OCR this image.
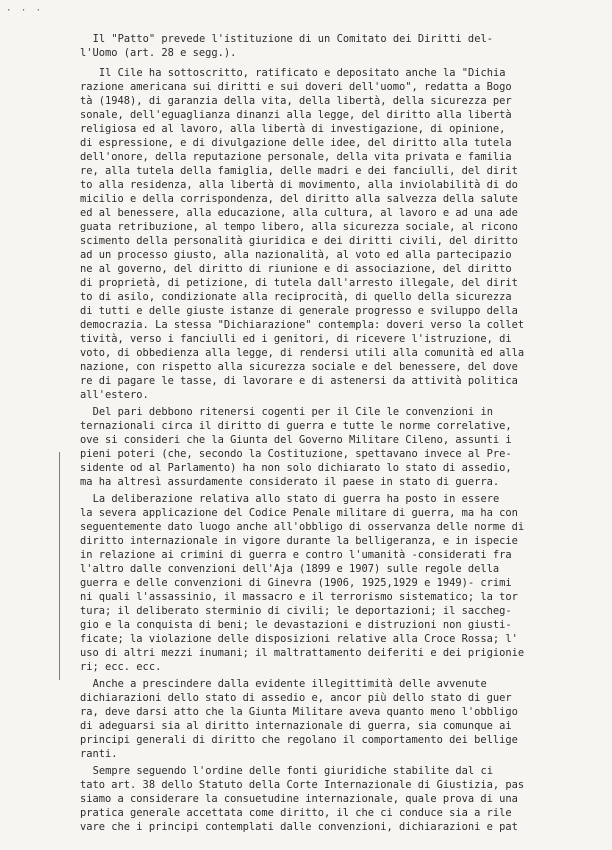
· · ·
Il "Patto" prevede l'istituzione di un Comitato dei Diritti del-
l'Uomo (art. 28 e segg.).
Il Cile ha sottoscritto, ratificato e depositato anche la "Dichia
razione americana sui diritti e sui doveri dell'uomo", redatta a Bogo
tà (1948), di garanzia della vita, della libertà, della sicurezza per
sonale, dell'eguaglianza dinanzi alla legge, del diritto alla libertà
religiosa ed al lavoro, alla libertà di investigazione, di opinione,
di espressione, e di divulgazione delle idee, del diritto alla tutela
dell'onore, della reputazione personale, della vita privata e familia
re, alla tutela della famiglia, delle madri e dei fanciulli, del dirit
to alla residenza, alla libertà di movimento, alla inviolabilità di do
micilio e della corrispondenza, del diritto alla salvezza della salute
ed al benessere, alla educazione, alla cultura, al lavoro e ad una ade
guata retribuzione, al tempo libero, alla sicurezza sociale, al ricono
scimento della personalità giuridica e dei diritti civili, del diritto
ad un processo giusto, alla nazionalità, al voto ed alla partecipazio
ne al governo, del diritto di riunione e di associazione, del diritto
di proprietà, di petizione, di tutela dall'arresto illegale, del dirit
to di asilo, condizionate alla reciprocità, di quello della sicurezza
di tutti e delle giuste istanze di generale progresso e sviluppo della
democrazia. La stessa "Dichiarazione" contempla: doveri verso la collet
tività, verso i fanciulli ed i genitori, di ricevere l'istruzione, di
voto, di obbedienza alla legge, di rendersi utili alla comunità ed alla
nazione, con rispetto alla sicurezza sociale e del benessere, del dove
re di pagare le tasse, di lavorare e di astenersi da attività politica
all'estero.
Del pari debbono ritenersi cogenti per il Cile le convenzioni in
ternazionali circa il diritto di guerra e tutte le norme correlative,
ove si consideri che la Giunta del Governo Militare Cileno, assunti i
pieni poteri (che, secondo la Costituzione, spettavano invece al Pre-
sidente od al Parlamento) ha non solo dichiarato lo stato di assedio,
ma ha altresì assurdamente considerato il paese in stato di guerra.
La deliberazione relativa allo stato di guerra ha posto in essere
la severa applicazione del Codice Penale militare di guerra, ma ha con
seguentemente dato luogo anche all'obbligo di osservanza delle norme di
diritto internazionale in vigore durante la belligeranza, e in ispecie
in relazione ai crimini di guerra e contro l'umanità -considerati fra
l'altro dalle convenzioni dell'Aja (1899 e 1907) sulle regole della
guerra e delle convenzioni di Ginevra (1906, 1925,1929 e 1949)- crimi
ni quali l'assassinio, il massacro e il terrorismo sistematico; la tor
tura; il deliberato sterminio di civili; le deportazioni; il saccheg-
gio e la conquista di beni; le devastazioni e distruzioni non giusti-
ficate; la violazione delle disposizioni relative alla Croce Rossa; l'
uso di altri mezzi inumani; il maltrattamento deiferiti e dei prigionie
ri; ecc. ecc.
Anche a prescindere dalla evidente illegittimità delle avvenute
dichiarazioni dello stato di assedio e, ancor più dello stato di guer
ra, deve darsi atto che la Giunta Militare aveva quanto meno l'obbligo
di adeguarsi sia al diritto internazionale di guerra, sia comunque ai
principi generali di diritto che regolano il comportamento dei bellige
ranti.
Sempre seguendo l'ordine delle fonti giuridiche stabilite dal ci
tato art. 38 dello Statuto della Corte Internazionale di Giustizia, pas
siamo a considerare la consuetudine internazionale, quale prova di una
pratica generale accettata come diritto, il che ci conduce sia a rile
vare che i principi contemplati dalle convenzioni, dichiarazioni e pat
